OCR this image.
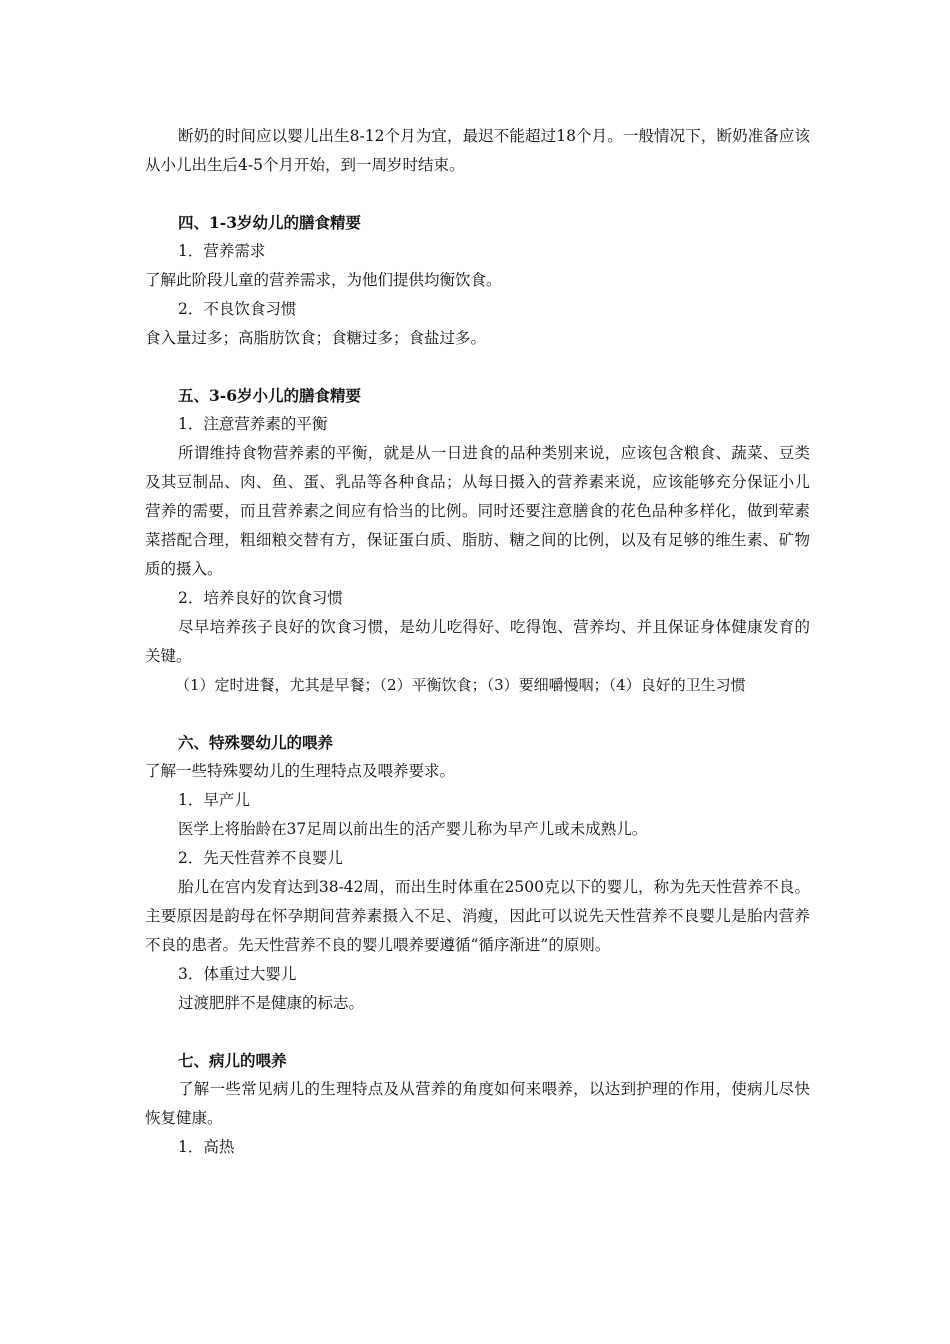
断奶的时间应以婴儿出生8-12个月为宜，最迟不能超过18个月。一般情况下，断奶准备应该从小儿出生后4-5个月开始，到一周岁时结束。

四、1-3岁幼儿的膳食精要

1．营养需求

了解此阶段儿童的营养需求，为他们提供均衡饮食。

2．不良饮食习惯

食入量过多；高脂肪饮食；食糖过多；食盐过多。

五、3-6岁小儿的膳食精要

1．注意营养素的平衡

所谓维持食物营养素的平衡，就是从一日进食的品种类别来说，应该包含粮食、蔬菜、豆类及其豆制品、肉、鱼、蛋、乳品等各种食品；从每日摄入的营养素来说，应该能够充分保证小儿营养的需要，而且营养素之间应有恰当的比例。同时还要注意膳食的花色品种多样化，做到荤素菜搭配合理，粗细粮交替有方，保证蛋白质、脂肪、糖之间的比例，以及有足够的维生素、矿物质的摄入。

2．培养良好的饮食习惯

尽早培养孩子良好的饮食习惯，是幼儿吃得好、吃得饱、营养均、并且保证身体健康发育的关键。

（1）定时进餐，尤其是早餐；（2）平衡饮食；（3）要细嚼慢咽；（4）良好的卫生习惯

六、特殊婴幼儿的喂养

了解一些特殊婴幼儿的生理特点及喂养要求。

1．早产儿

医学上将胎龄在37足周以前出生的活产婴儿称为早产儿或未成熟儿。

2．先天性营养不良婴儿

胎儿在宫内发育达到38-42周，而出生时体重在2500克以下的婴儿，称为先天性营养不良。主要原因是韵母在怀孕期间营养素摄入不足、消瘦，因此可以说先天性营养不良婴儿是胎内营养不良的患者。先天性营养不良的婴儿喂养要遵循“循序渐进”的原则。

3．体重过大婴儿

过渡肥胖不是健康的标志。

七、病儿的喂养

了解一些常见病儿的生理特点及从营养的角度如何来喂养，以达到护理的作用，使病儿尽快恢复健康。

1．高热
